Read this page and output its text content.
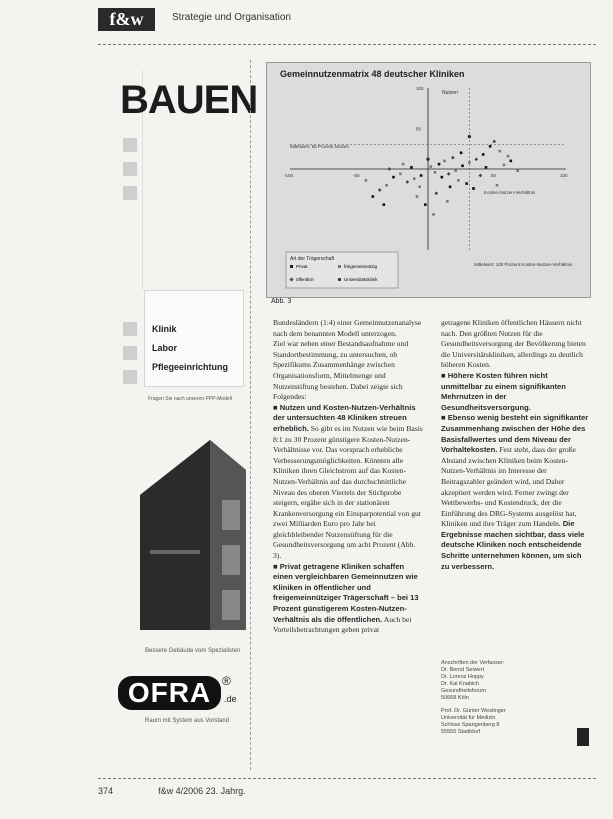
f&w	Strategie und Organisation
BAUEN
Klinik
Labor
Pflegeeinrichtung
Fragen Sie nach unseren PPP-Modell
Bessere Gebäude vom Spezialisten
OFRA ®
.de
Raum mit System aus Vorstand
Gemeinnutzenmatrix 48 deutscher Kliniken
-100	-50	50	100
100
50
Nutzen
Kosten-Nutzen-Verhältnis
Mittelwert: 50 Prozent Nutzen
Mittelwert: 100 Prozent Kosten-Nutzen-Verhältnis
Art der Trägerschaft
Privat	freigemeinnützig
öffentlich	Universitätsklinik
Abb. 3

Bundesländern (1:4) einer Gemeinnutzenanalyse nach dem benannten Modell unterzogen.

Ziel war neben einer Bestandsaufnahme und Standortbestimmung, zu untersuchen, ob Spezifikums Zusammenhänge zwischen Organisationsform, Mittelmenge und Nutzenstiftung bestehen. Dabei zeigte sich Folgendes:

■ Nutzen und Kosten-Nutzen-Verhältnis der untersuchten 48 Kliniken streuen erheblich. So gibt es im Nutzen wie beim Basis 8:1 zu 30 Prozent günstigere Kosten-Nutzen-Verhältnisse vor. Das vorsprach erhebliche Verbesserungsmöglichkeiten. Könnten alle Kliniken ihren Gleichstrom auf das Kosten-Nutzen-Verhältnis auf das durchschnittliche Niveau des oberen Viertels der Stichprobe steigern, ergäbe sich in der stationären Krankenversorgung ein Einsparpotential von gut zwei Milliarden Euro pro Jahr bei gleichbleibender Nutzenstiftung für die Gesundheitsversorgung um acht Prozent (Abb. 3).

■ Privat getragene Kliniken schaffen einen vergleichbaren Gemeinnutzen wie Kliniken in öffentlicher und freigemeinnütziger Trägerschaft – bei 13 Prozent günstigerem Kosten-Nutzen-Verhältnis als die öffentlichen. Auch bei Vorteilsbetrachtungen geben privat

getragene Kliniken öffentlichen Häusern nicht nach. Den größten Nutzen für die Gesundheitsversorgung der Bevölkerung bieten die Universitätskliniken, allerdings zu deutlich höheren Kosten.

■ Höhere Kosten führen nicht unmittelbar zu einem signifikanten Mehrnutzen in der Gesundheitsversorgung.

■ Ebenso wenig besteht ein signifikanter Zusammenhang zwischen der Höhe des Basisfallwertes und dem Niveau der Vorhaltekosten. Fest steht, dass der große Abstand zwischen Kliniken beim Kosten-Nutzen-Verhältnis im Interesse der Beitragszahler geändert wird, und Daher akzeptiert werden wird. Ferner zwingt der Wettbewerbs- und Kostendruck, der die Einführung des DRG-Systems ausgelöst hat, Kliniken und ihre Träger zum Handeln. Die Ergebnisse machen sichtbar, dass viele deutsche Kliniken noch entscheidende Schritte unternehmen können, um sich zu verbessern.

Anschriften der Verfasser:
Dr. Bernd Seiwert
Dr. Lorenz Hoppy
Dr. Kai Knabich
Gesundheitsforum
50668 Köln
Prof. Dr. Günter Westinger
Universität für Medizin
Schloss Spangenberg 8
55555 Stadtdorf
374	f&w 4/2006 23. Jahrg.
